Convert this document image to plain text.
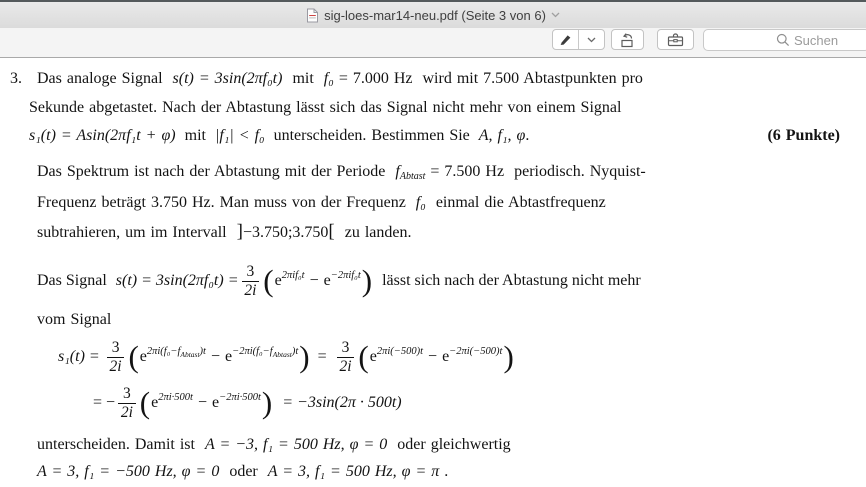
sig-loes-mar14-neu.pdf (Seite 3 von 6)
Suchen
3. Das analoge Signal  s(t) = 3sin(2πf₀t)  mit  f₀ = 7.000 Hz  wird mit 7.500 Abtastpunkten pro
Sekunde abgetastet. Nach der Abtastung lässt sich das Signal nicht mehr von einem Signal
s₁(t) = Asin(2πf₁t + φ) mit |f₁| < f₀ unterscheiden. Bestimmen Sie A, f₁, φ .	(6 Punkte)
Das Spektrum ist nach der Abtastung mit der Periode  fAbtast = 7.500 Hz  periodisch. Nyquist-
Frequenz beträgt 3.750 Hz. Man muss von der Frequenz  f₀  einmal die Abtastfrequenz
subtrahieren, um im Intervall  ]−3.750;3.750[  zu landen.
Das Signal $s(t) = 3\sin(2\pi f_0t) = \frac{3}{2i}$ ( $e^{2\pi if_0t} - e^{-2\pi if_0t}$ ) lässt sich nach der Abtastung nicht mehr
vom Signal
$s_1(t) = \frac{3}{2i}$ ( $e^{2\pi i(f_0-f_{Abtast})t} - e^{-2\pi i(f_0-f_{Abtast})t}$ ) = $\frac{3}{2i}$ ( $e^{2\pi i(-500)t} - e^{-2\pi i(-500)t}$ )
= − $\frac{3}{2i}$ ( $e^{2\pi i\cdot 500t} - e^{-2\pi i\cdot 500t}$ ) = −3sin(2π · 500t)
unterscheiden. Damit ist  A = −3, f₁ = 500 Hz, φ = 0  oder gleichwertig
A = 3, f₁ = −500 Hz, φ = 0  oder  A = 3, f₁ = 500 Hz, φ = π .
